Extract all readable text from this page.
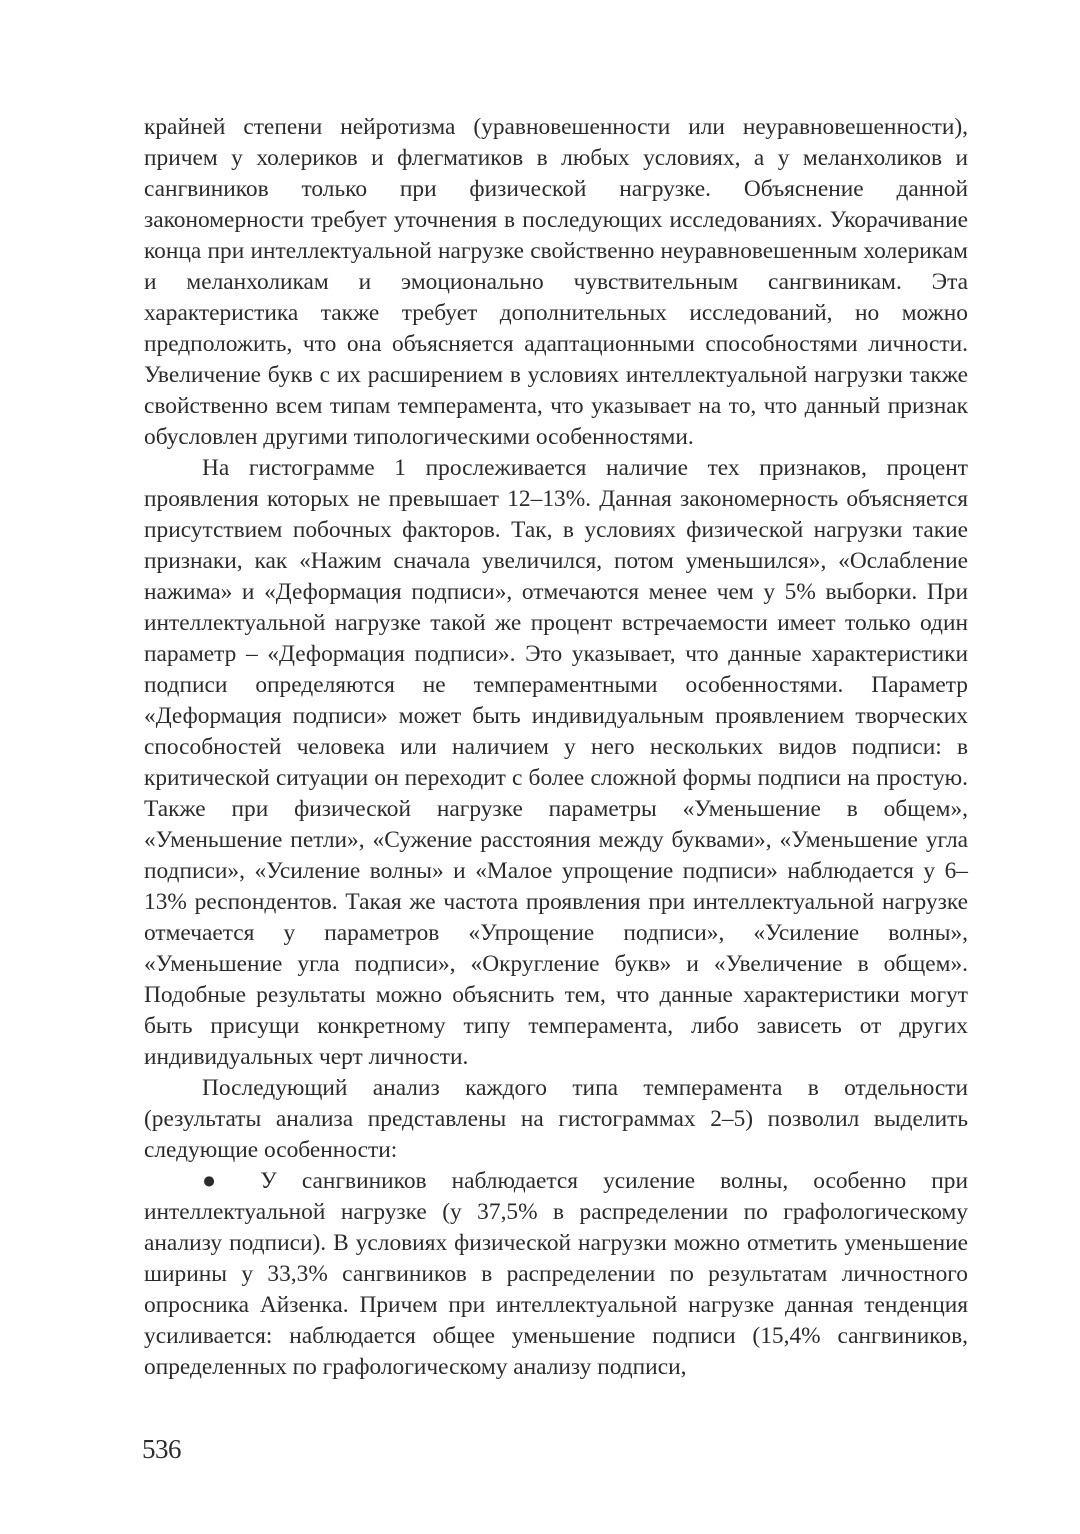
крайней степени нейротизма (уравновешенности или неуравновешенности), причем у холериков и флегматиков в любых условиях, а у меланхоликов и сангвиников только при физической нагрузке. Объяснение данной закономерности требует уточнения в последующих исследованиях. Укорачивание конца при интеллектуальной нагрузке свойственно неуравновешенным холерикам и меланхоликам и эмоционально чувствительным сангвиникам. Эта характеристика также требует дополнительных исследований, но можно предположить, что она объясняется адаптационными способностями личности. Увеличение букв с их расширением в условиях интеллектуальной нагрузки также свойственно всем типам темперамента, что указывает на то, что данный признак обусловлен другими типологическими особенностями.

На гистограмме 1 прослеживается наличие тех признаков, процент проявления которых не превышает 12–13%. Данная закономерность объясняется присутствием побочных факторов. Так, в условиях физической нагрузки такие признаки, как «Нажим сначала увеличился, потом уменьшился», «Ослабление нажима» и «Деформация подписи», отмечаются менее чем у 5% выборки. При интеллектуальной нагрузке такой же процент встречаемости имеет только один параметр – «Деформация подписи». Это указывает, что данные характеристики подписи определяются не темпераментными особенностями. Параметр «Деформация подписи» может быть индивидуальным проявлением творческих способностей человека или наличием у него нескольких видов подписи: в критической ситуации он переходит с более сложной формы подписи на простую. Также при физической нагрузке параметры «Уменьшение в общем», «Уменьшение петли», «Сужение расстояния между буквами», «Уменьшение угла подписи», «Усиление волны» и «Малое упрощение подписи» наблюдается у 6–13% респондентов. Такая же частота проявления при интеллектуальной нагрузке отмечается у параметров «Упрощение подписи», «Усиление волны», «Уменьшение угла подписи», «Округление букв» и «Увеличение в общем». Подобные результаты можно объяснить тем, что данные характеристики могут быть присущи конкретному типу темперамента, либо зависеть от других индивидуальных черт личности.

Последующий анализ каждого типа темперамента в отдельности (результаты анализа представлены на гистограммах 2–5) позволил выделить следующие особенности:

● У сангвиников наблюдается усиление волны, особенно при интеллектуальной нагрузке (у 37,5% в распределении по графологическому анализу подписи). В условиях физической нагрузки можно отметить уменьшение ширины у 33,3% сангвиников в распределении по результатам личностного опросника Айзенка. Причем при интеллектуальной нагрузке данная тенденция усиливается: наблюдается общее уменьшение подписи (15,4% сангвиников, определенных по графологическому анализу подписи,

536
